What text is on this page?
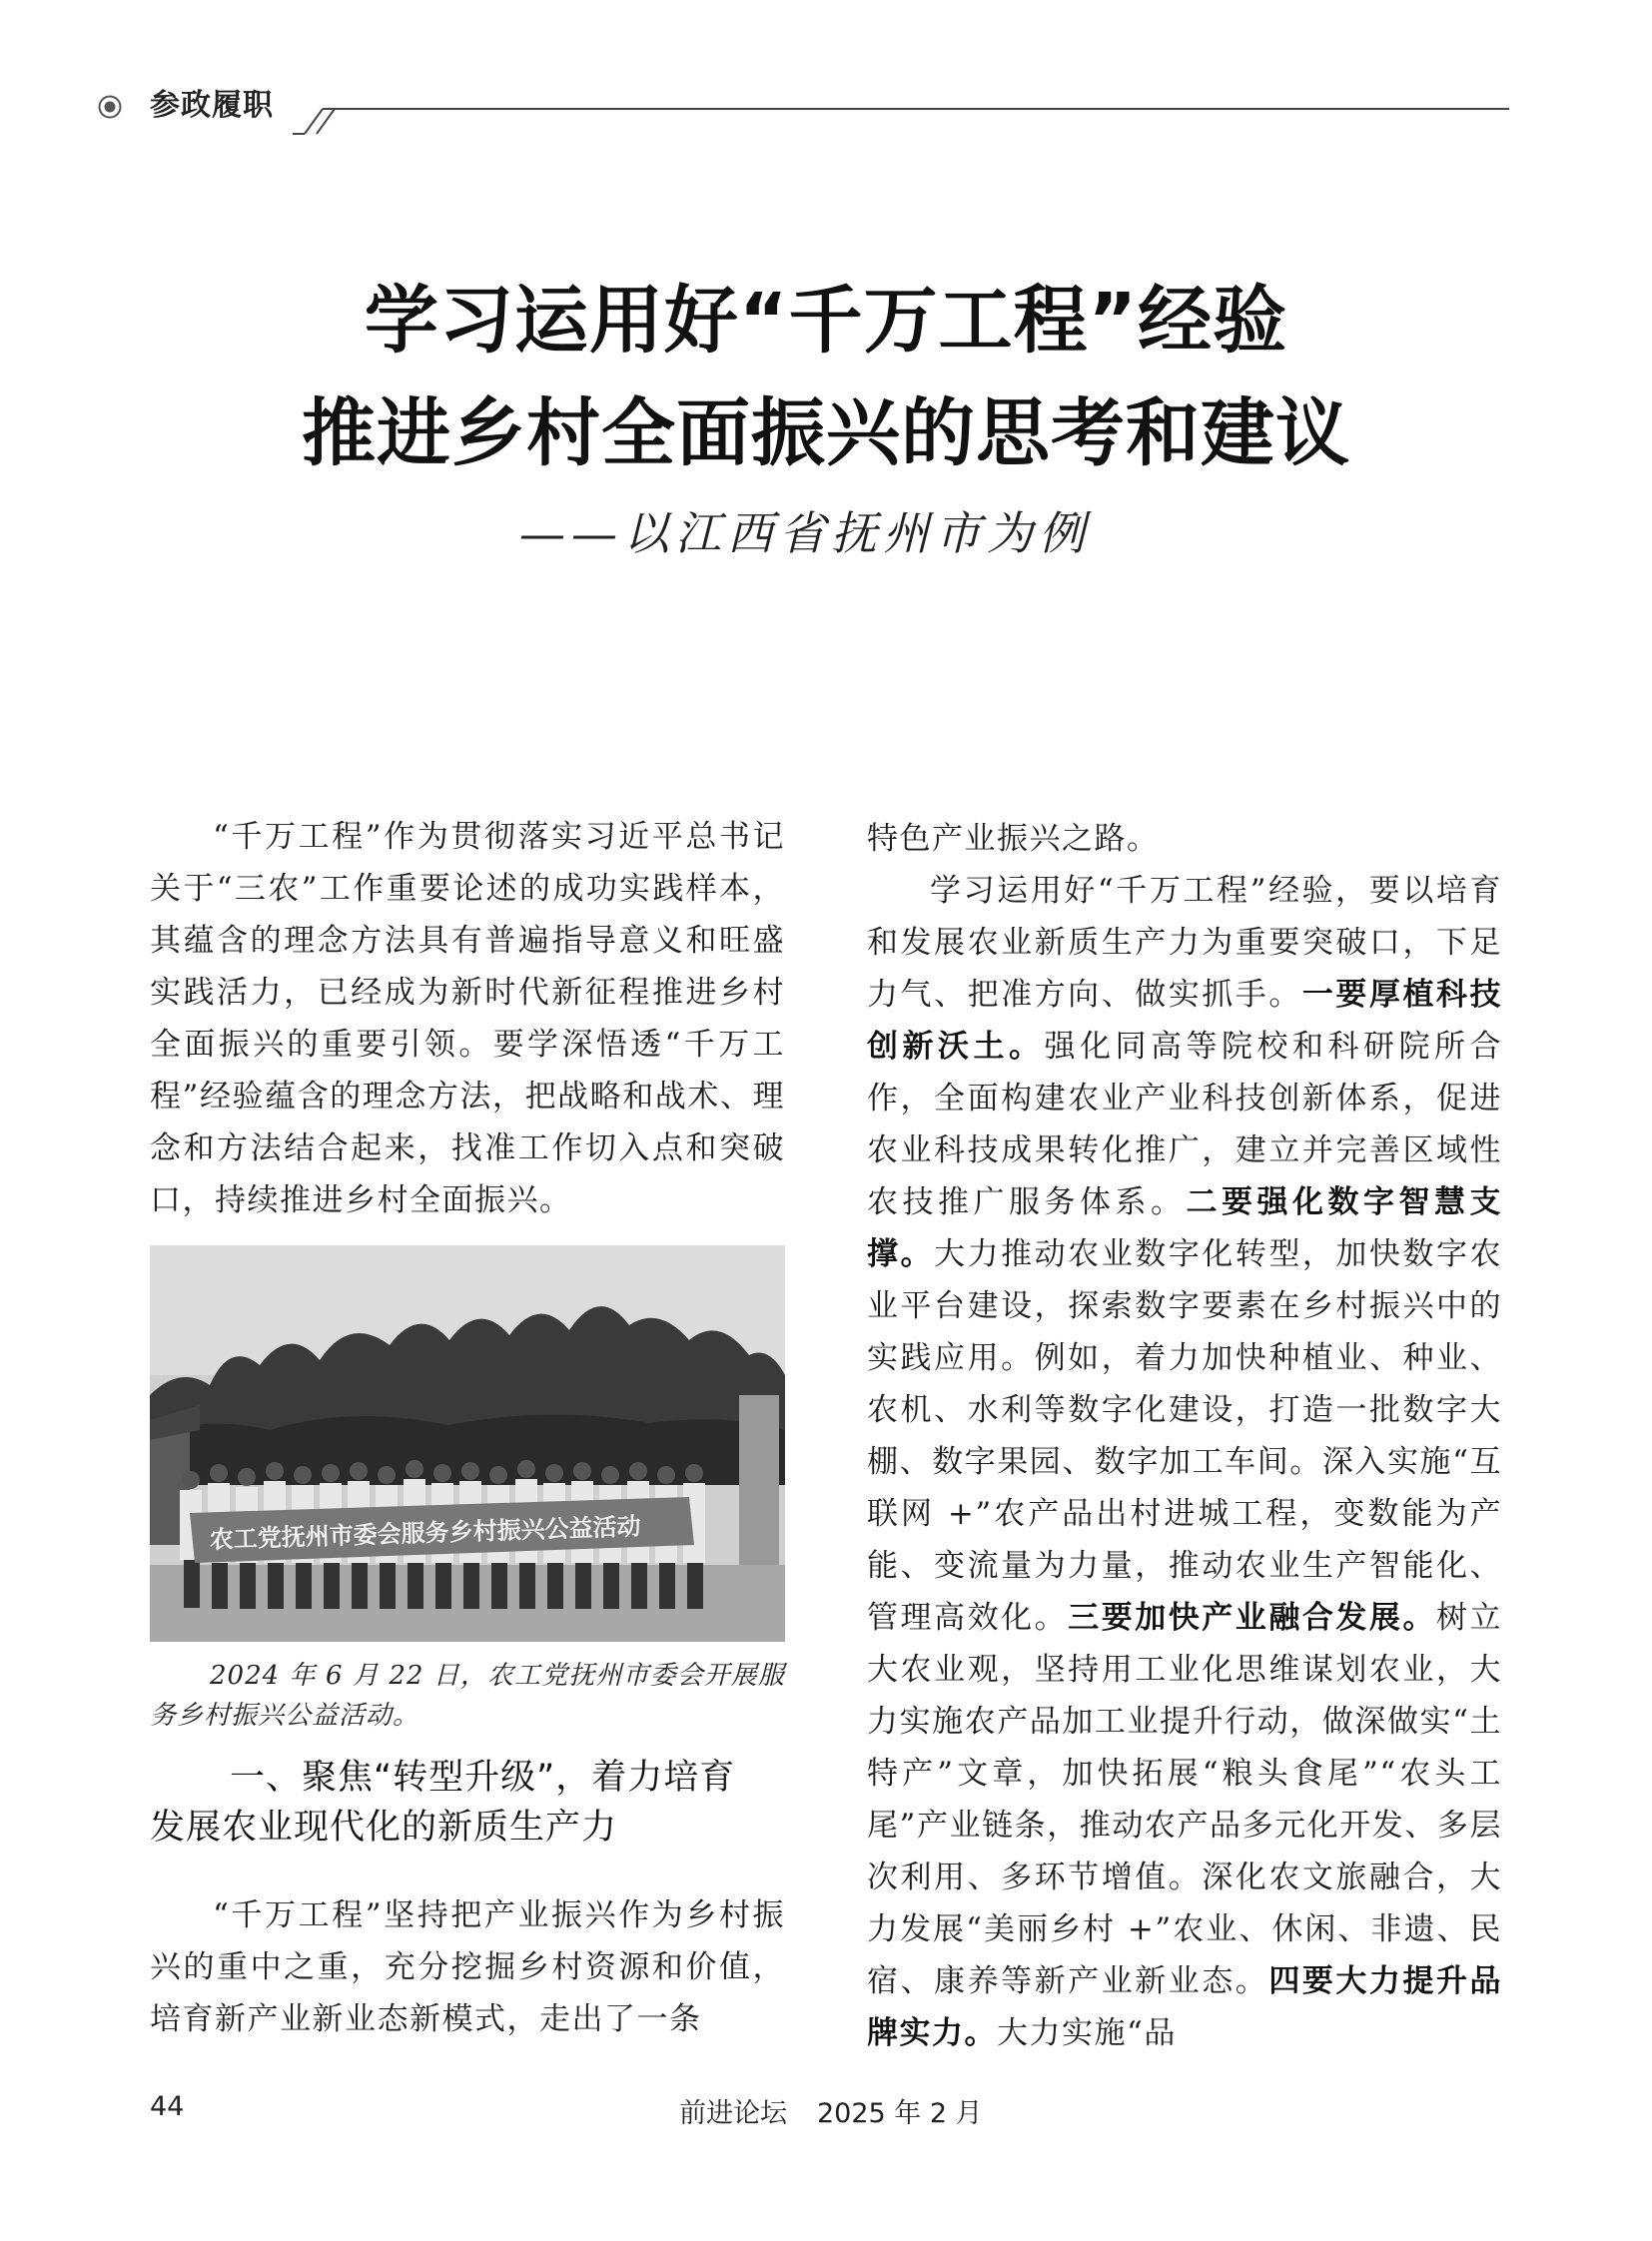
参政履职
学习运用好“千万工程”经验
推进乡村全面振兴的思考和建议
——以江西省抚州市为例

“千万工程”作为贯彻落实习近平总书记关于“三农”工作重要论述的成功实践样本，其蕴含的理念方法具有普遍指导意义和旺盛实践活力，已经成为新时代新征程推进乡村全面振兴的重要引领。要学深悟透“千万工程”经验蕴含的理念方法，把战略和战术、理念和方法结合起来，找准工作切入点和突破口，持续推进乡村全面振兴。

农工党抚州市委会服务乡村振兴公益活动
2024 年 6 月 22 日，农工党抚州市委会开展服务乡村振兴公益活动。
一、聚焦“转型升级”，着力培育
发展农业现代化的新质生产力

“千万工程”坚持把产业振兴作为乡村振兴的重中之重，充分挖掘乡村资源和价值，培育新产业新业态新模式，走出了一条

特色产业振兴之路。

学习运用好“千万工程”经验，要以培育和发展农业新质生产力为重要突破口，下足力气、把准方向、做实抓手。一要厚植科技创新沃土。强化同高等院校和科研院所合作，全面构建农业产业科技创新体系，促进农业科技成果转化推广，建立并完善区域性农技推广服务体系。二要强化数字智慧支撑。大力推动农业数字化转型，加快数字农业平台建设，探索数字要素在乡村振兴中的实践应用。例如，着力加快种植业、种业、农机、水利等数字化建设，打造一批数字大棚、数字果园、数字加工车间。深入实施“互联网 +”农产品出村进城工程，变数能为产能、变流量为力量，推动农业生产智能化、管理高效化。三要加快产业融合发展。树立大农业观，坚持用工业化思维谋划农业，大力实施农产品加工业提升行动，做深做实“土特产”文章，加快拓展“粮头食尾”“农头工尾”产业链条，推动农产品多元化开发、多层次利用、多环节增值。深化农文旅融合，大力发展“美丽乡村 +”农业、休闲、非遗、民宿、康养等新产业新业态。四要大力提升品牌实力。大力实施“品

44	前进论坛 2025 年 2 月
